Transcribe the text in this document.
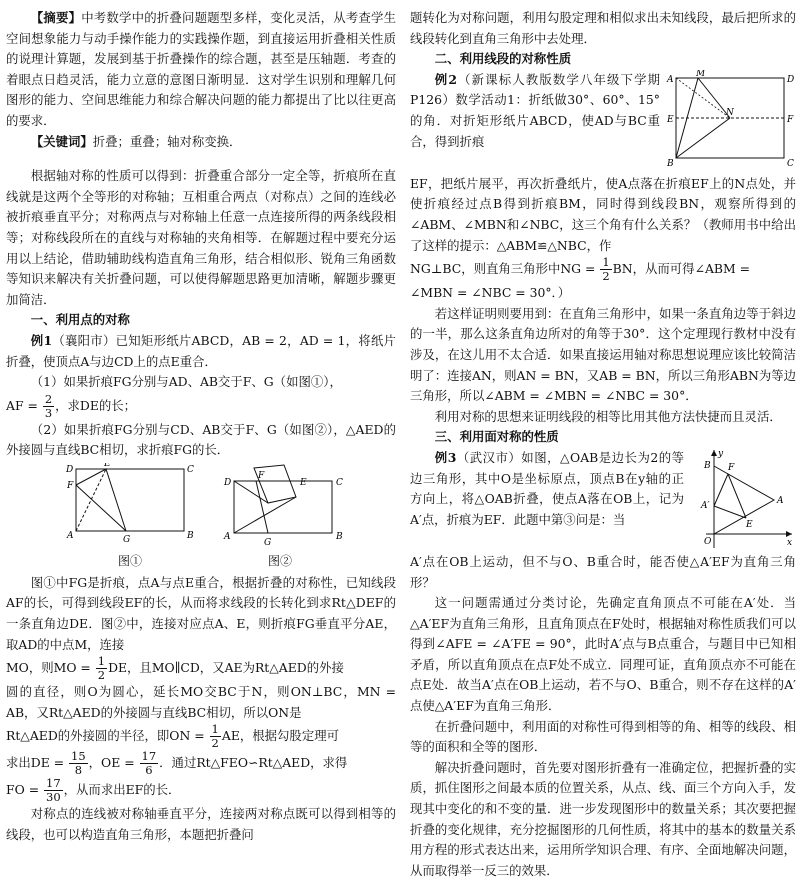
【摘要】中考数学中的折叠问题题型多样，变化灵活，从考查学生空间想象能力与动手操作能力的实践操作题，到直接运用折叠相关性质的说理计算题，发展到基于折叠操作的综合题，甚至是压轴题．考查的着眼点日趋灵活，能力立意的意图日渐明显．这对学生识别和理解几何图形的能力、空间思维能力和综合解决问题的能力都提出了比以往更高的要求．

【关键词】折叠；重叠；轴对称变换．

根据轴对称的性质可以得到：折叠重合部分一定全等，折痕所在直线就是这两个全等形的对称轴；互相重合两点（对称点）之间的连线必被折痕垂直平分；对称两点与对称轴上任意一点连接所得的两条线段相等；对称线段所在的直线与对称轴的夹角相等．在解题过程中要充分运用以上结论，借助辅助线构造直角三角形，结合相似形、锐角三角函数等知识来解决有关折叠问题，可以使得解题思路更加清晰，解题步骤更加简洁．

一、利用点的对称

例1（襄阳市）已知矩形纸片ABCD，AB = 2，AD = 1，将纸片折叠，使顶点A与边CD上的点E重合．

（1）如果折痕FG分别与AD、AB交于F、G（如图①），

AF = $\frac{2}{3}$ ，求DE的长；

（2）如果折痕FG分别与CD、AB交于F、G（如图②），△AED的外接圆与直线BC相切，求折痕FG的长．

D
E
C
F
A	G	B
D
F
E	C
A
G
B
图①	图②

图①中FG是折痕，点A与点E重合，根据折叠的对称性，已知线段AF的长，可得到线段EF的长，从而将求线段的长转化到求Rt△DEF的一条直角边DE．图②中，连接对应点A、E，则折痕FG垂直平分AE，取AD的中点M，连接

MO，则MO = $\frac{1}{2}$ DE，且MO∥CD，又AE为Rt△AED的外接

圆的直径，则O为圆心，延长MO交BC于N，则ON⊥BC，MN = AB，又Rt△AED的外接圆与直线BC相切，所以ON是

Rt△AED的外接圆的半径，即ON = $\frac{1}{2}$ AE，根据勾股定理可

求出DE = $\frac{15}{8}$ ，OE = $\frac{17}{6}$ ．通过Rt△FEO∽Rt△AED，求得

FO = $\frac{17}{30}$ ，从而求出EF的长．

对称点的连线被对称轴垂直平分，连接两对称点既可以得到相等的线段，也可以构造直角三角形，本题把折叠问

题转化为对称问题，利用勾股定理和相似求出未知线段，最后把所求的线段转化到直角三角形中去处理．

二、利用线段的对称性质

例2（新课标人教版数学八年级下学期P126）数学活动1：折纸做30°、60°、15°的角．对折矩形纸片ABCD，使AD与BC重合，得到折痕

A
M
D
E
N
F
B	C

EF，把纸片展平，再次折叠纸片，使A点落在折痕EF上的N点处，并使折痕经过点B得到折痕BM，同时得到线段BN，观察所得到的∠ABM、∠MBN和∠NBC，这三个角有什么关系？（教师用书中给出了这样的提示：△ABM≌△NBC，作

NG⊥BC，则直角三角形中NG = $\frac{1}{2}$ BN，从而可得∠ABM =

∠MBN = ∠NBC = 30°．）

若这样证明则要用到：在直角三角形中，如果一条直角边等于斜边的一半，那么这条直角边所对的角等于30°．这个定理现行教材中没有涉及，在这儿用不太合适．如果直接运用轴对称思想说理应该比较简洁明了：连接AN，则AN = BN，又AB = BN，所以三角形ABN为等边三角形，所以∠ABM = ∠MBN = ∠NBC = 30°．

利用对称的思想来证明线段的相等比用其他方法快捷而且灵活．

三、利用面对称的性质

例3（武汉市）如图，△OAB是边长为2的等边三角形，其中O是坐标原点，顶点B在y轴的正方向上，将△OAB折叠，使点A落在OB上，记为A′点，折痕为EF．此题中第③问是：当

y
B F
A
A′
E
O	x

A′点在OB上运动，但不与O、B重合时，能否使△A′EF为直角三角形？

这一问题需通过分类讨论，先确定直角顶点不可能在A′处．当△A′EF为直角三角形，且直角顶点在F处时，根据轴对称性质我们可以得到∠AFE = ∠A′FE = 90°，此时A′点与B点重合，与题目中已知相矛盾，所以直角顶点在点F处不成立．同理可证，直角顶点亦不可能在点E处．故当A′点在OB上运动，若不与O、B重合，则不存在这样的A′点使△A′EF为直角三角形．

在折叠问题中，利用面的对称性可得到相等的角、相等的线段、相等的面积和全等的图形．

解决折叠问题时，首先要对图形折叠有一准确定位，把握折叠的实质，抓住图形之间最本质的位置关系，从点、线、面三个方向入手，发现其中变化的和不变的量．进一步发现图形中的数量关系；其次要把握折叠的变化规律，充分挖掘图形的几何性质，将其中的基本的数量关系用方程的形式表达出来，运用所学知识合理、有序、全面地解决问题，从而取得举一反三的效果．
